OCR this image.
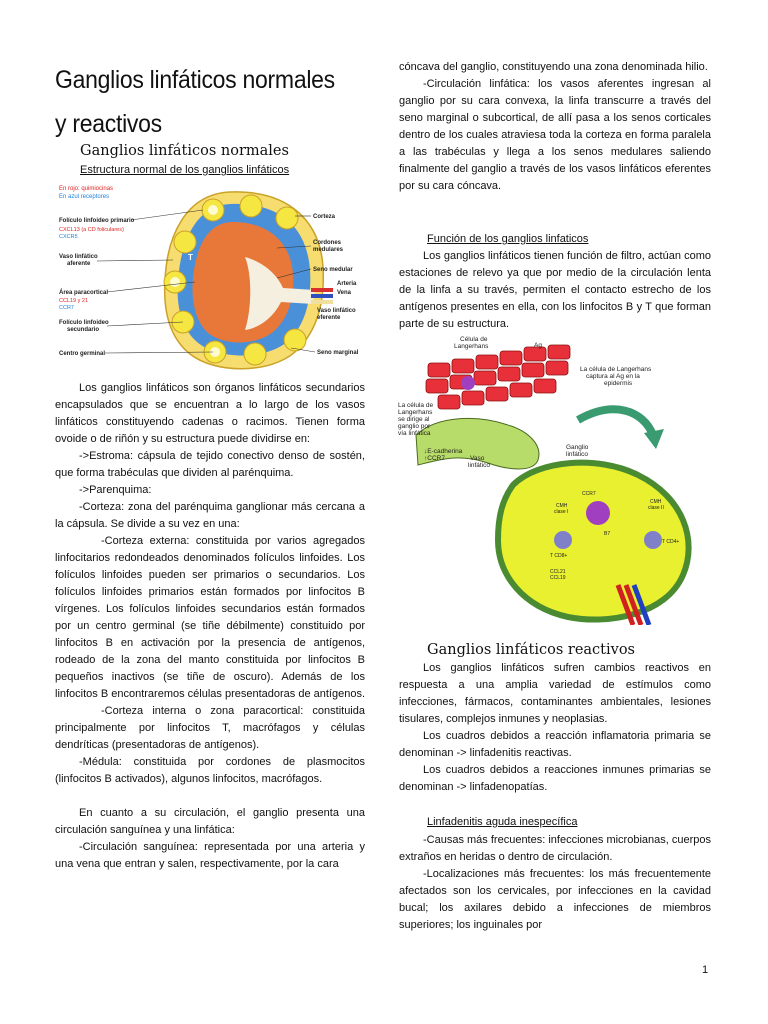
Ganglios linfáticos normales y reactivos
Ganglios linfáticos normales
Estructura normal de los ganglios linfáticos
En rojo: quimiocinas
En azul receptores
B	T
Folículo linfoideo primario
Vaso linfático
aferente
Área paracortical
Folículo linfoideo
secundario
Centro germinal
CXCL13 (a CD foliculares)
CXCR5
CCL19 y 21
CCR7
Corteza
Cordones
medulares
Seno medular
Arteria
Vena
Vaso linfático
eferente
Seno marginal

Los ganglios linfáticos son órganos linfáticos secundarios encapsulados que se encuentran a lo largo de los vasos linfáticos constituyendo cadenas o racimos. Tienen forma ovoide o de riñón y su estructura puede dividirse en:

->Estroma: cápsula de tejido conectivo denso de sostén, que forma trabéculas que dividen al parénquima.

->Parenquima:

-Corteza: zona del parénquima ganglionar más cercana a la cápsula. Se divide a su vez en una:

-Corteza externa: constituida por varios agregados linfocitarios redondeados denominados folículos linfoides. Los folículos linfoides pueden ser primarios o secundarios. Los folículos linfoides primarios están formados por linfocitos B vírgenes. Los folículos linfoides secundarios están formados por un centro germinal (se tiñe débilmente) constituido por linfocitos B en activación por la presencia de antígenos, rodeado de la zona del manto constituida por linfocitos B pequeños inactivos (se tiñe de oscuro). Además de los linfocitos B encontraremos células presentadoras de antígenos.

-Corteza interna o zona paracortical: constituida principalmente por linfocitos T, macrófagos y células dendríticas (presentadoras de antígenos).

-Médula: constituida por cordones de plasmocitos (linfocitos B activados), algunos linfocitos, macrófagos.

En cuanto a su circulación, el ganglio presenta una circulación sanguínea y una linfática:

-Circulación sanguínea: representada por una arteria y una vena que entran y salen, respectivamente, por la cara

cóncava del ganglio, constituyendo una zona denominada hilio.

-Circulación linfática: los vasos aferentes ingresan al ganglio por su cara convexa, la linfa transcurre a través del seno marginal o subcortical, de allí pasa a los senos corticales dentro de los cuales atraviesa toda la corteza en forma paralela a las trabéculas y llega a los senos medulares saliendo finalmente del ganglio a través de los vasos linfáticos eferentes por su cara cóncava.

Función de los ganglios linfaticos

Los ganglios linfáticos tienen función de filtro, actúan como estaciones de relevo ya que por medio de la circulación lenta de la linfa a su través, permiten el contacto estrecho de los antígenos presentes en ella, con los linfocitos B y T que forman parte de su estructura.

Célula de
Langerhans	Ag
La célula de Langerhans
captura al Ag en la
epidermis
La célula de
Langerhans
se dirige al
ganglio por
vía linfática
↓E-cadherina
↑CCR7	Vaso
linfático
Ganglio
linfático
CCR7
CMH
clase I
CMH
clase II
B7
T CD8+
T CD4+
CCL21
CCL19
Ganglios linfáticos reactivos

Los ganglios linfáticos sufren cambios reactivos en respuesta a una amplia variedad de estímulos como infecciones, fármacos, contaminantes ambientales, lesiones tisulares, complejos inmunes y neoplasias.

Los cuadros debidos a reacción inflamatoria primaria se denominan -> linfadenitis reactivas.

Los cuadros debidos a reacciones inmunes primarias se denominan -> linfadenopatías.

Linfadenitis aguda inespecífica

-Causas más frecuentes: infecciones microbianas, cuerpos extraños en heridas o dentro de circulación.

-Localizaciones más frecuentes: los más frecuentemente afectados son los cervicales, por infecciones en la cavidad bucal; los axilares debido a infecciones de miembros superiores; los inguinales por

1
